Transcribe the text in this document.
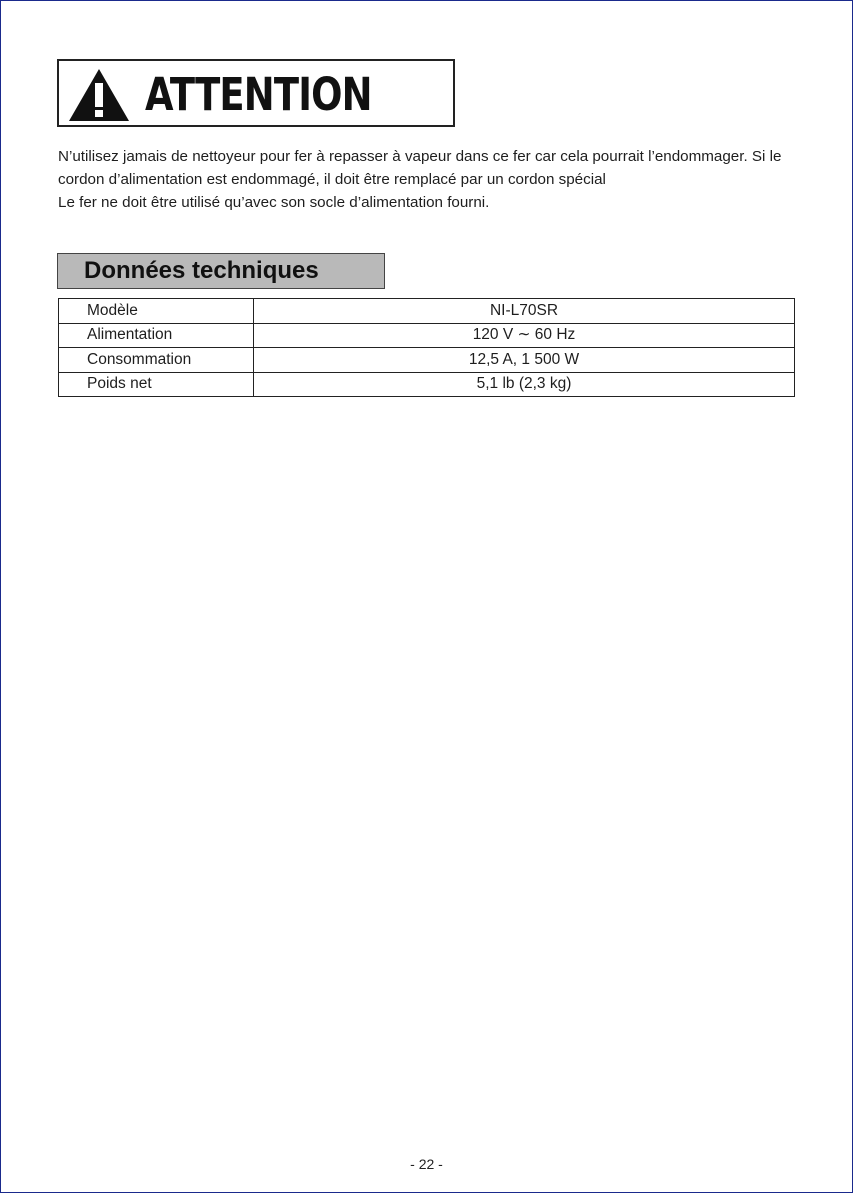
ATTENTION

N’utilisez jamais de nettoyeur pour fer à repasser à vapeur dans ce fer car cela pourrait l’endommager. Si le cordon d’alimentation est endommagé, il doit être remplacé par un cordon spécial

Le fer ne doit être utilisé qu’avec son socle d’alimentation fourni.

Données techniques
Modèle	NI-L70SR
Alimentation	120 V ∼ 60 Hz
Consommation	12,5 A, 1 500 W
Poids net	5,1 lb (2,3 kg)
- 22 -
